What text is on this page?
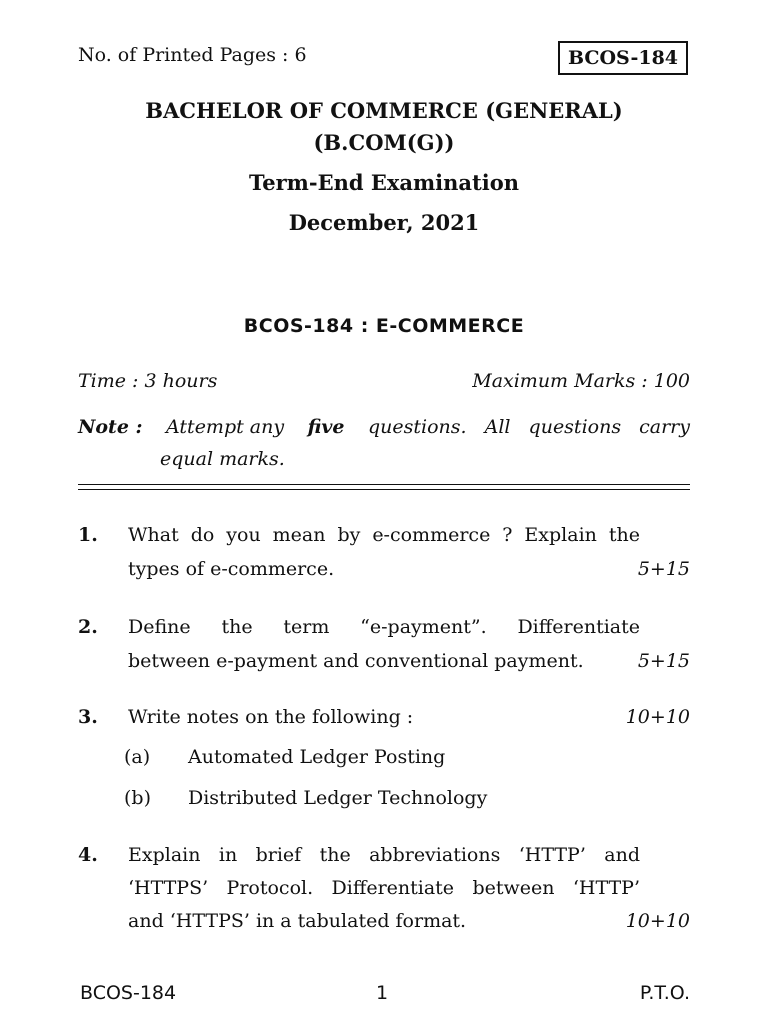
No. of Printed Pages : 6	BCOS-184
BACHELOR OF COMMERCE (GENERAL)
(B.COM(G))
Term-End Examination
December, 2021
BCOS-184 : E-COMMERCE
Time : 3 hours	Maximum Marks : 100
Note : Attempt any five questions. All questions carry
equal marks.
1. What do you mean by e-commerce ? Explain the
types of e-commerce.	5+15
2. Define the term “e-payment”. Differentiate
between e-payment and conventional payment.	5+15
3. Write notes on the following :	10+10
(a) Automated Ledger Posting
(b) Distributed Ledger Technology
4. Explain in brief the abbreviations ‘HTTP’ and
‘HTTPS’ Protocol. Differentiate between ‘HTTP’
and ‘HTTPS’ in a tabulated format.	10+10
BCOS-184	1	P.T.O.
